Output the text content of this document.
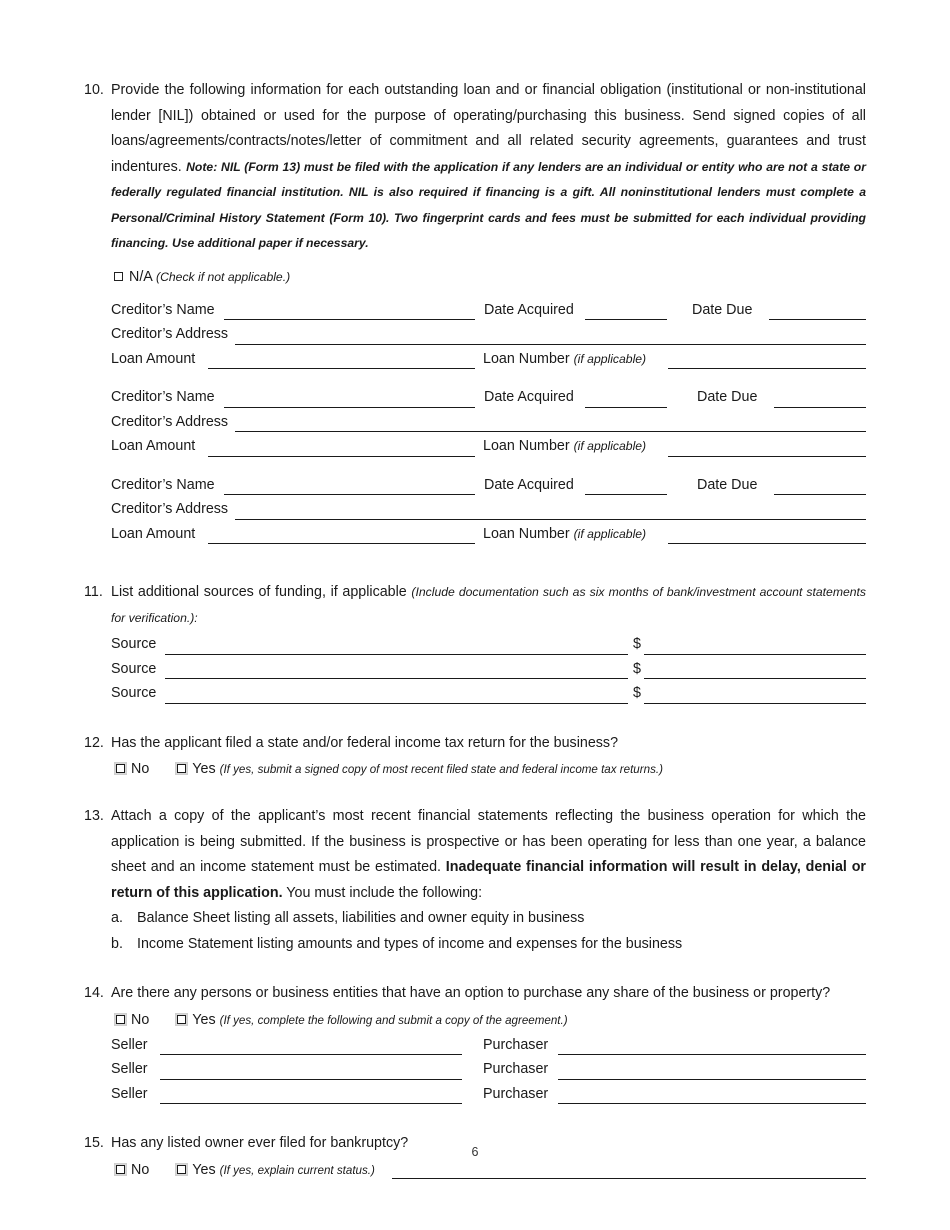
10. Provide the following information for each outstanding loan and or financial obligation (institutional or non-institutional lender [NIL]) obtained or used for the purpose of operating/purchasing this business. Send signed copies of all loans/agreements/contracts/notes/letter of commitment and all related security agreements, guarantees and trust indentures. Note: NIL (Form 13) must be filed with the application if any lenders are an individual or entity who are not a state or federally regulated financial institution. NIL is also required if financing is a gift. All noninstitutional lenders must complete a Personal/Criminal History Statement (Form 10). Two fingerprint cards and fees must be submitted for each individual providing financing. Use additional paper if necessary.
N/A (Check if not applicable.)
Creditor’s Name	Date Acquired	Date Due
Creditor’s Address
Loan Amount	Loan Number (if applicable)
Creditor’s Name	Date Acquired	Date Due
Creditor’s Address
Loan Amount	Loan Number (if applicable)
Creditor’s Name	Date Acquired	Date Due
Creditor’s Address
Loan Amount	Loan Number (if applicable)
11. List additional sources of funding, if applicable (Include documentation such as six months of bank/investment account statements for verification.):
Source	$
Source	$
Source	$
12. Has the applicant filed a state and/or federal income tax return for the business?
No	Yes (If yes, submit a signed copy of most recent filed state and federal income tax returns.)
13. Attach a copy of the applicant’s most recent financial statements reflecting the business operation for which the application is being submitted. If the business is prospective or has been operating for less than one year, a balance sheet and an income statement must be estimated. Inadequate financial information will result in delay, denial or return of this application. You must include the following:
a. Balance Sheet listing all assets, liabilities and owner equity in business
b. Income Statement listing amounts and types of income and expenses for the business
14. Are there any persons or business entities that have an option to purchase any share of the business or property?
No	Yes (If yes, complete the following and submit a copy of the agreement.)
Seller	Purchaser
Seller	Purchaser
Seller	Purchaser
15. Has any listed owner ever filed for bankruptcy?
No	Yes (If yes, explain current status.)
6
